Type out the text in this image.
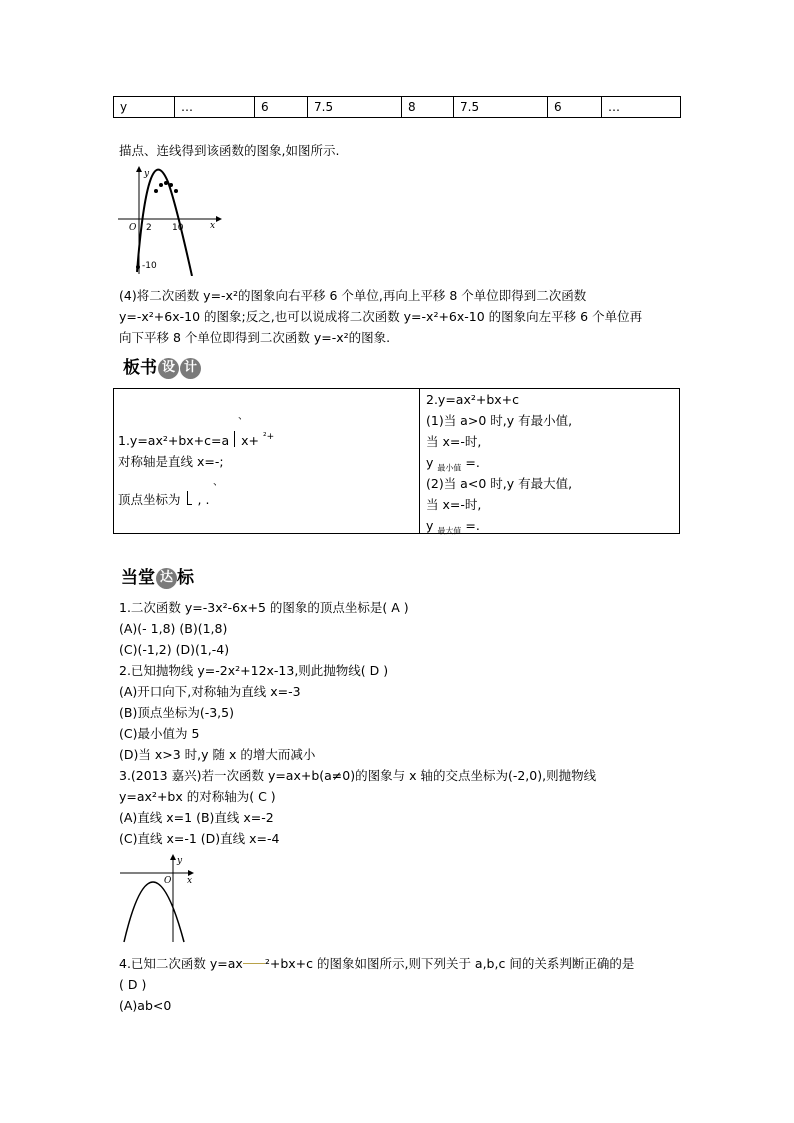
y	…	6	7.5	8	7.5	6	…
描点、连线得到该函数的图象,如图所示.
y
x
O 2 10
-10
(4)将二次函数 y=-x²的图象向右平移 6 个单位,再向上平移 8 个单位即得到二次函数
y=-x²+6x-10 的图象;反之,也可以说成将二次函数 y=-x²+6x-10 的图象向左平移 6 个单位再
向下平移 8 个单位即得到二次函数 y=-x²的图象.
板书 设 计
1.y=ax²+bx+c=a x+ $^{^2+}$
、
对称轴是直线 x=-;
顶点坐标为 , .
、
2.y=ax²+bx+c
(1)当 a>0 时,y 有最小值,
当 x=-时,
y $_{最小值}$ =.
(2)当 a<0 时,y 有最大值,
当 x=-时,
y $_{最大值}$ =.
当堂 达 标
1.二次函数 y=-3x²-6x+5 的图象的顶点坐标是( A )
(A)(- 1,8) (B)(1,8)
(C)(-1,2) (D)(1,-4)
2.已知抛物线 y=-2x²+12x-13,则此抛物线( D )
(A)开口向下,对称轴为直线 x=-3
(B)顶点坐标为(-3,5)
(C)最小值为 5
(D)当 x>3 时,y 随 x 的增大而减小
3.(2013 嘉兴)若一次函数 y=ax+b(a≠0)的图象与 x 轴的交点坐标为(-2,0),则抛物线
y=ax²+bx 的对称轴为( C )
(A)直线 x=1 (B)直线 x=-2
(C)直线 x=-1 (D)直线 x=-4
y
x
O
4.已知二次函数 y=ax ²+bx+c 的图象如图所示,则下列关于 a,b,c 间的关系判断正确的是
( D )
(A)ab<0
